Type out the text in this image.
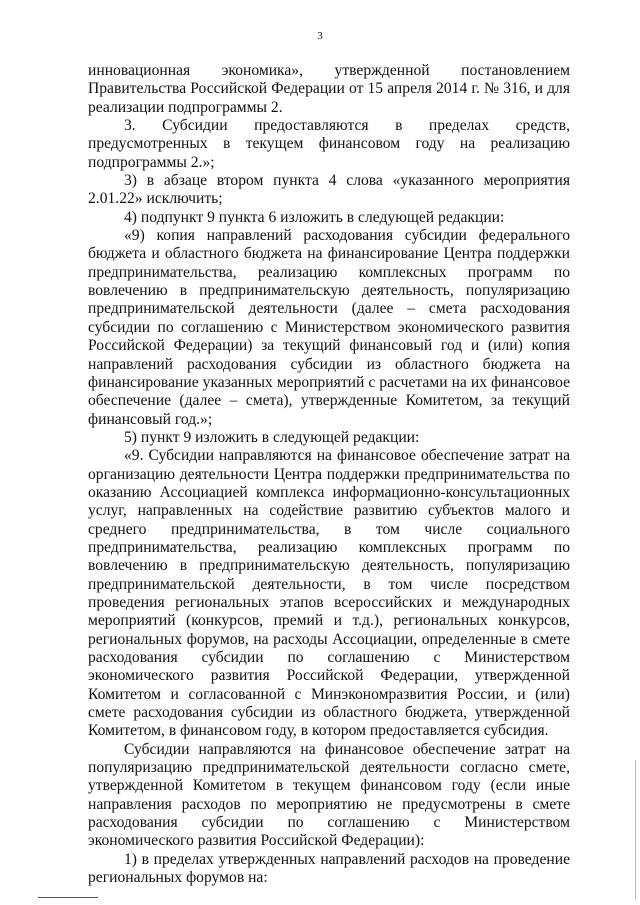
3

инновационная экономика», утвержденной постановлением Правительства Российской Федерации от 15 апреля 2014 г. № 316, и для реализации подпрограммы 2.

3. Субсидии предоставляются в пределах средств, предусмотренных в текущем финансовом году на реализацию подпрограммы 2.»;

3) в абзаце втором пункта 4 слова «указанного мероприятия 2.01.22» исключить;

4) подпункт 9 пункта 6 изложить в следующей редакции:

«9) копия направлений расходования субсидии федерального бюджета и областного бюджета на финансирование Центра поддержки предпринимательства, реализацию комплексных программ по вовлечению в предпринимательскую деятельность, популяризацию предпринимательской деятельности (далее – смета расходования субсидии по соглашению с Министерством экономического развития Российской Федерации) за текущий финансовый год и (или) копия направлений расходования субсидии из областного бюджета на финансирование указанных мероприятий с расчетами на их финансовое обеспечение (далее – смета), утвержденные Комитетом, за текущий финансовый год.»;

5) пункт 9 изложить в следующей редакции:

«9. Субсидии направляются на финансовое обеспечение затрат на организацию деятельности Центра поддержки предпринимательства по оказанию Ассоциацией комплекса информационно-консультационных услуг, направленных на содействие развитию субъектов малого и среднего предпринимательства, в том числе социального предпринимательства, реализацию комплексных программ по вовлечению в предпринимательскую деятельность, популяризацию предпринимательской деятельности, в том числе посредством проведения региональных этапов всероссийских и международных мероприятий (конкурсов, премий и т.д.), региональных конкурсов, региональных форумов, на расходы Ассоциации, определенные в смете расходования субсидии по соглашению с Министерством экономического развития Российской Федерации, утвержденной Комитетом и согласованной с Минэкономразвития России, и (или) смете расходования субсидии из областного бюджета, утвержденной Комитетом, в финансовом году, в котором предоставляется субсидия.

Субсидии направляются на финансовое обеспечение затрат на популяризацию предпринимательской деятельности согласно смете, утвержденной Комитетом в текущем финансовом году (если иные направления расходов по мероприятию не предусмотрены в смете расходования субсидии по соглашению с Министерством экономического развития Российской Федерации):

1) в пределах утвержденных направлений расходов на проведение региональных форумов на:
